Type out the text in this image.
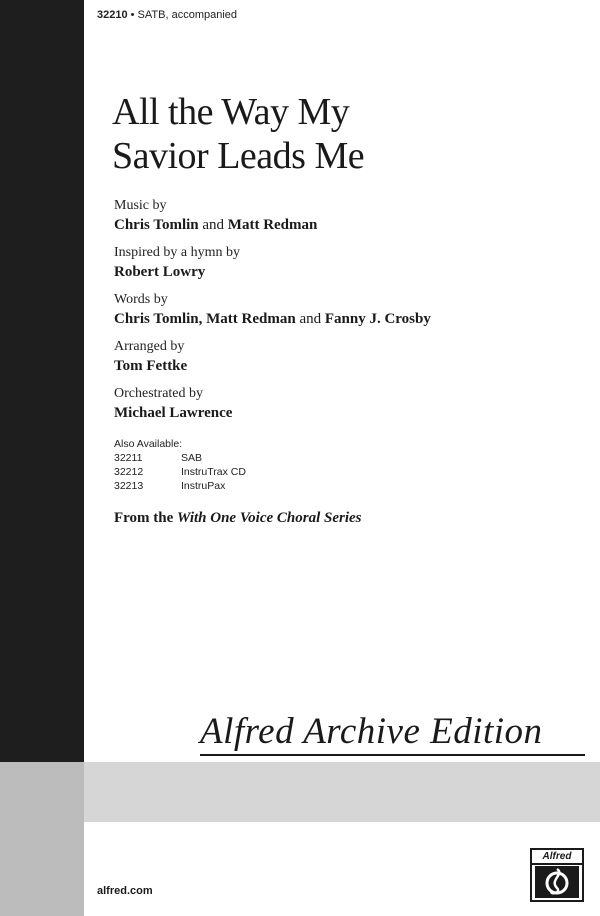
32210 • SATB, accompanied

All the Way My
Savior Leads Me
Music by
Chris Tomlin and Matt Redman
Inspired by a hymn by
Robert Lowry
Words by
Chris Tomlin, Matt Redman and Fanny J. Crosby
Arranged by
Tom Fettke
Orchestrated by
Michael Lawrence
Also Available:
32211	SAB
32212	InstruTrax CD
32213	InstruPax

From the With One Voice Choral Series

Alfred Archive Edition

Alfred

alfred.com
